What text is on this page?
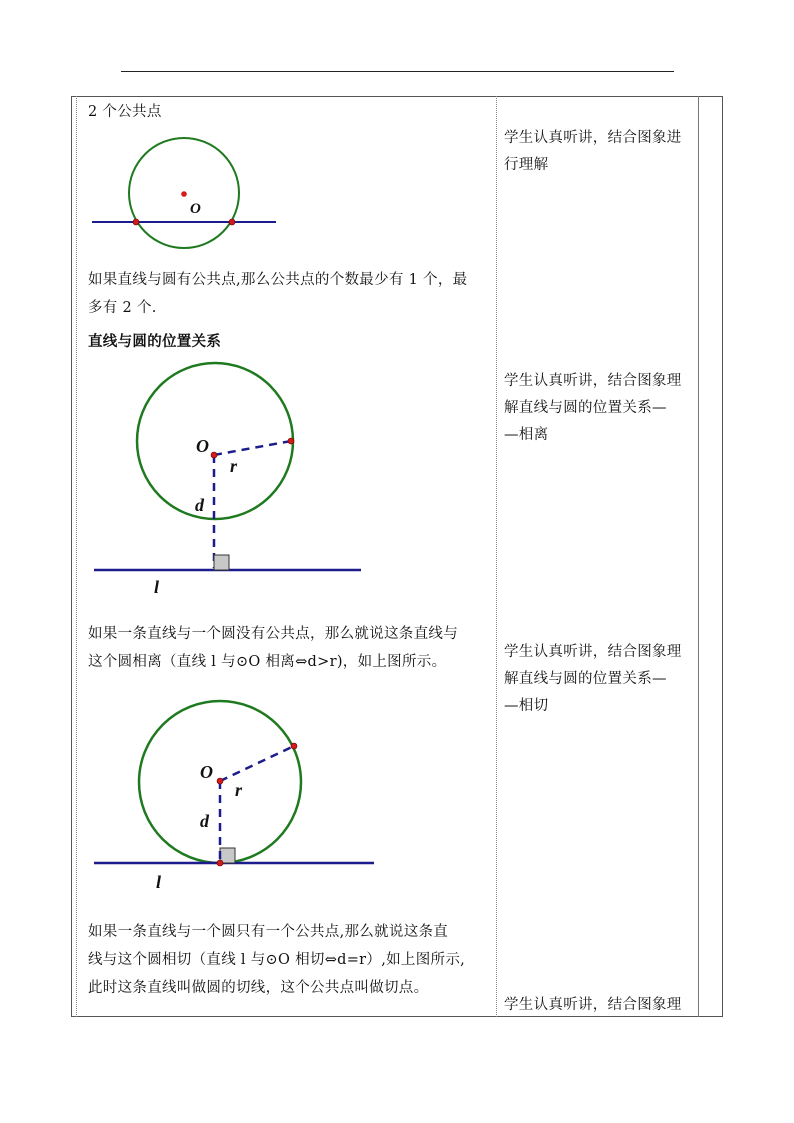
2 个公共点
如果直线与圆有公共点,那么公共点的个数最少有 1 个，最
多有 2 个.
直线与圆的位置关系
如果一条直线与一个圆没有公共点，那么就说这条直线与
这个圆相离（直线 l 与⊙O 相离⇔d>r)，如上图所示。
如果一条直线与一个圆只有一个公共点,那么就说这条直
线与这个圆相切（直线 l 与⊙O 相切⇔d=r）,如上图所示,
此时这条直线叫做圆的切线，这个公共点叫做切点。
学生认真听讲，结合图象进
行理解
学生认真听讲，结合图象理
解直线与圆的位置关系—
—相离
学生认真听讲，结合图象理
解直线与圆的位置关系—
—相切
学生认真听讲，结合图象理
O
O
r
d
l
O
r
d
l
